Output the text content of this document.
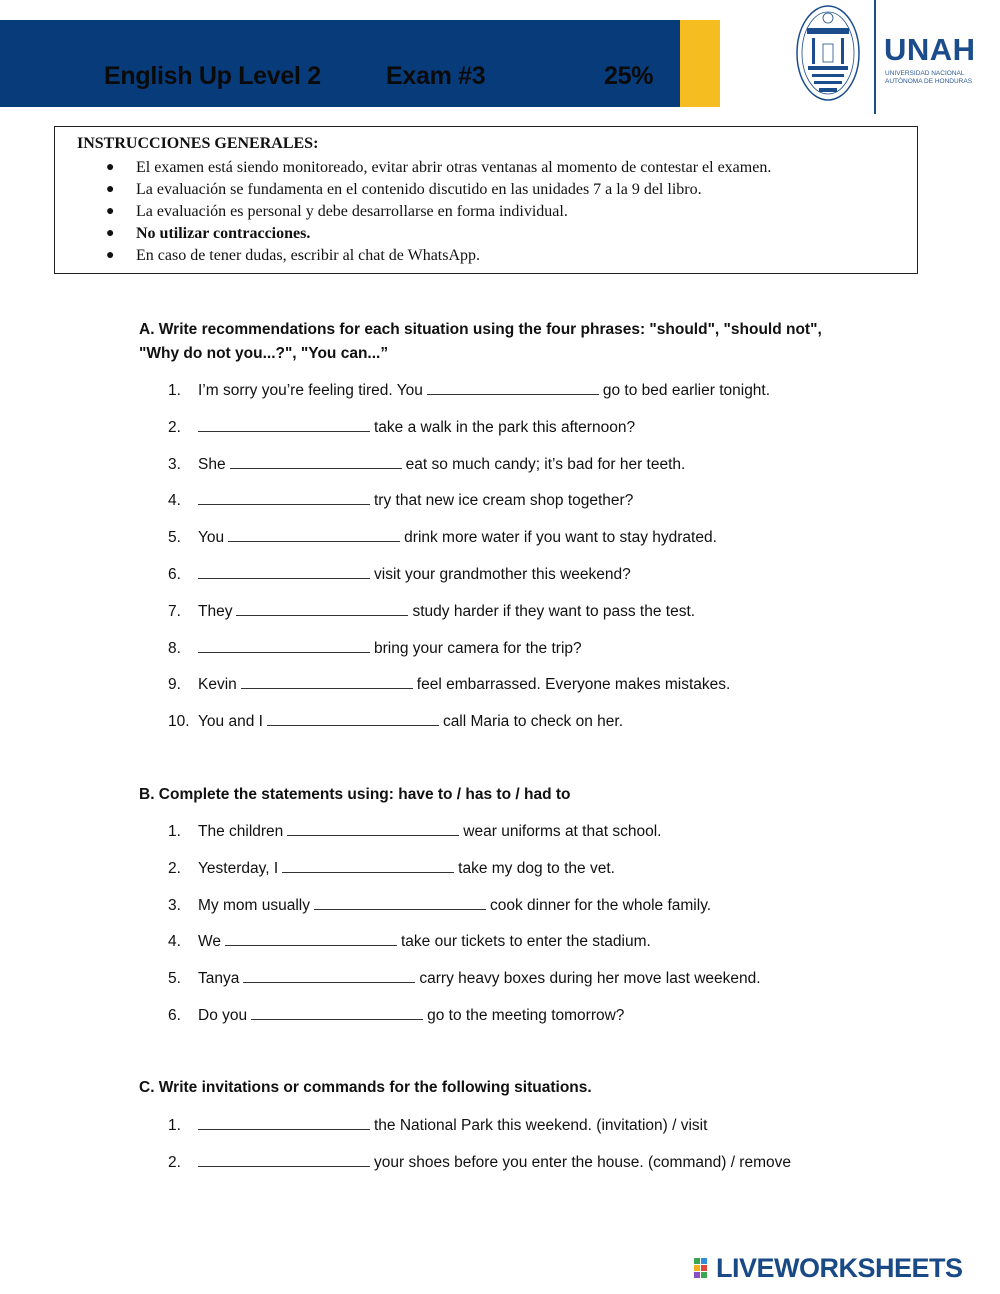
English Up Level 2	Exam #3	25%
UNAH
UNIVERSIDAD NACIONAL
AUTÓNOMA DE HONDURAS
INSTRUCCIONES GENERALES:
● El examen está siendo monitoreado, evitar abrir otras ventanas al momento de contestar el examen.
● La evaluación se fundamenta en el contenido discutido en las unidades 7 a la 9 del libro.
● La evaluación es personal y debe desarrollarse en forma individual.
● No utilizar contracciones.
● En caso de tener dudas, escribir al chat de WhatsApp.
A. Write recommendations for each situation using the four phrases: "should", "should not", "Why do not you...?", "You can...”
1. I’m sorry you’re feeling tired. You	go to bed earlier tonight.
2.	take a walk in the park this afternoon?
3. She	eat so much candy; it’s bad for her teeth.
4.	try that new ice cream shop together?
5. You	drink more water if you want to stay hydrated.
6.	visit your grandmother this weekend?
7. They	study harder if they want to pass the test.
8.	bring your camera for the trip?
9. Kevin	feel embarrassed. Everyone makes mistakes.
10. You and I	call Maria to check on her.
B. Complete the statements using: have to / has to / had to
1. The children	wear uniforms at that school.
2. Yesterday, I	take my dog to the vet.
3. My mom usually	cook dinner for the whole family.
4. We	take our tickets to enter the stadium.
5. Tanya	carry heavy boxes during her move last weekend.
6. Do you	go to the meeting tomorrow?
C. Write invitations or commands for the following situations.
1.	the National Park this weekend. (invitation) / visit
2.	your shoes before you enter the house. (command) / remove
LIVEWORKSHEETS
